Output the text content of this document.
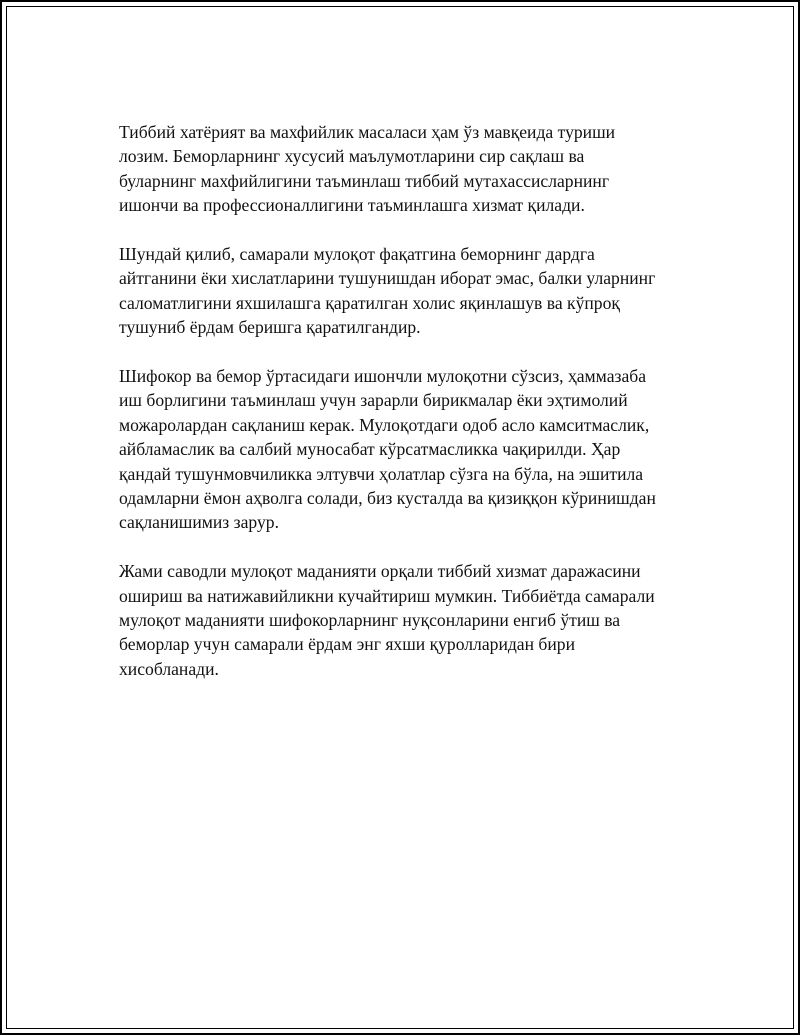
Тиббий хатёрият ва махфийлик масаласи ҳам ўз мавқеида туриши
лозим. Беморларнинг хусусий маълумотларини сир сақлаш ва
буларнинг махфийлигини таъминлаш тиббий мутахассисларнинг
ишончи ва профессионаллигини таъминлашга хизмат қилади.

Шундай қилиб, самарали мулоқот фақатгина беморнинг дардга
айтганини ёки хислатларини тушунишдан иборат эмас, балки уларнинг
саломатлигини яхшилашга қаратилган холис яқинлашув ва кўпроқ
тушуниб ёрдам беришга қаратилгандир.

Шифокор ва бемор ўртасидаги ишончли мулоқотни сўзсиз, ҳаммазаба
иш борлигини таъминлаш учун зарарли бирикмалар ёки эҳтимолий
можаролардан сақланиш керак. Мулоқотдаги одоб асло камситмаслик,
айбламаслик ва салбий муносабат кўрсатмасликка чақирилди. Ҳар
қандай тушунмовчиликка элтувчи ҳолатлар сўзга на бўла, на эшитила
одамларни ёмон аҳволга солади, биз кусталда ва қизиққон кўринишдан
сақланишимиз зарур.

Жами саводли мулоқот маданияти орқали тиббий хизмат даражасини
ошириш ва натижавийликни кучайтириш мумкин. Тиббиётда самарали
мулоқот маданияти шифокорларнинг нуқсонларини енгиб ўтиш ва
беморлар учун самарали ёрдам энг яхши қуролларидан бири
хисобланади.
